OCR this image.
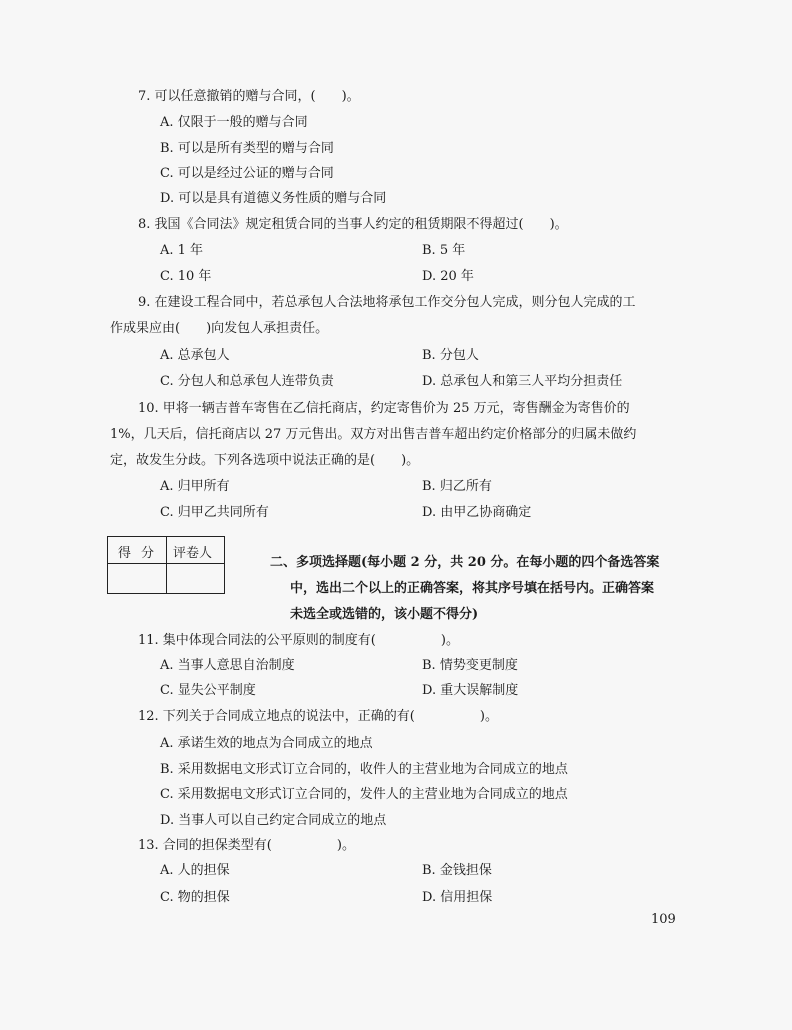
7. 可以任意撤销的赠与合同，(　　)。
A. 仅限于一般的赠与合同
B. 可以是所有类型的赠与合同
C. 可以是经过公证的赠与合同
D. 可以是具有道德义务性质的赠与合同
8. 我国《合同法》规定租赁合同的当事人约定的租赁期限不得超过(　　)。
A. 1 年	B. 5 年
C. 10 年	D. 20 年
9. 在建设工程合同中，若总承包人合法地将承包工作交分包人完成，则分包人完成的工
作成果应由(　　)向发包人承担责任。
A. 总承包人	B. 分包人
C. 分包人和总承包人连带负责	D. 总承包人和第三人平均分担责任
10. 甲将一辆吉普车寄售在乙信托商店，约定寄售价为 25 万元，寄售酬金为寄售价的
1%，几天后，信托商店以 27 万元售出。双方对出售吉普车超出约定价格部分的归属未做约
定，故发生分歧。下列各选项中说法正确的是(　　)。
A. 归甲所有	B. 归乙所有
C. 归甲乙共同所有	D. 由甲乙协商确定
得分 评卷人
二、多项选择题(每小题 2 分，共 20 分。在每小题的四个备选答案
中，选出二个以上的正确答案，将其序号填在括号内。正确答案
未选全或选错的，该小题不得分)
11. 集中体现合同法的公平原则的制度有(　　　　　)。
A. 当事人意思自治制度	B. 情势变更制度
C. 显失公平制度	D. 重大误解制度
12. 下列关于合同成立地点的说法中，正确的有(　　　　　)。
A. 承诺生效的地点为合同成立的地点
B. 采用数据电文形式订立合同的，收件人的主营业地为合同成立的地点
C. 采用数据电文形式订立合同的，发件人的主营业地为合同成立的地点
D. 当事人可以自己约定合同成立的地点
13. 合同的担保类型有(　　　　　)。
A. 人的担保	B. 金钱担保
C. 物的担保	D. 信用担保
109
